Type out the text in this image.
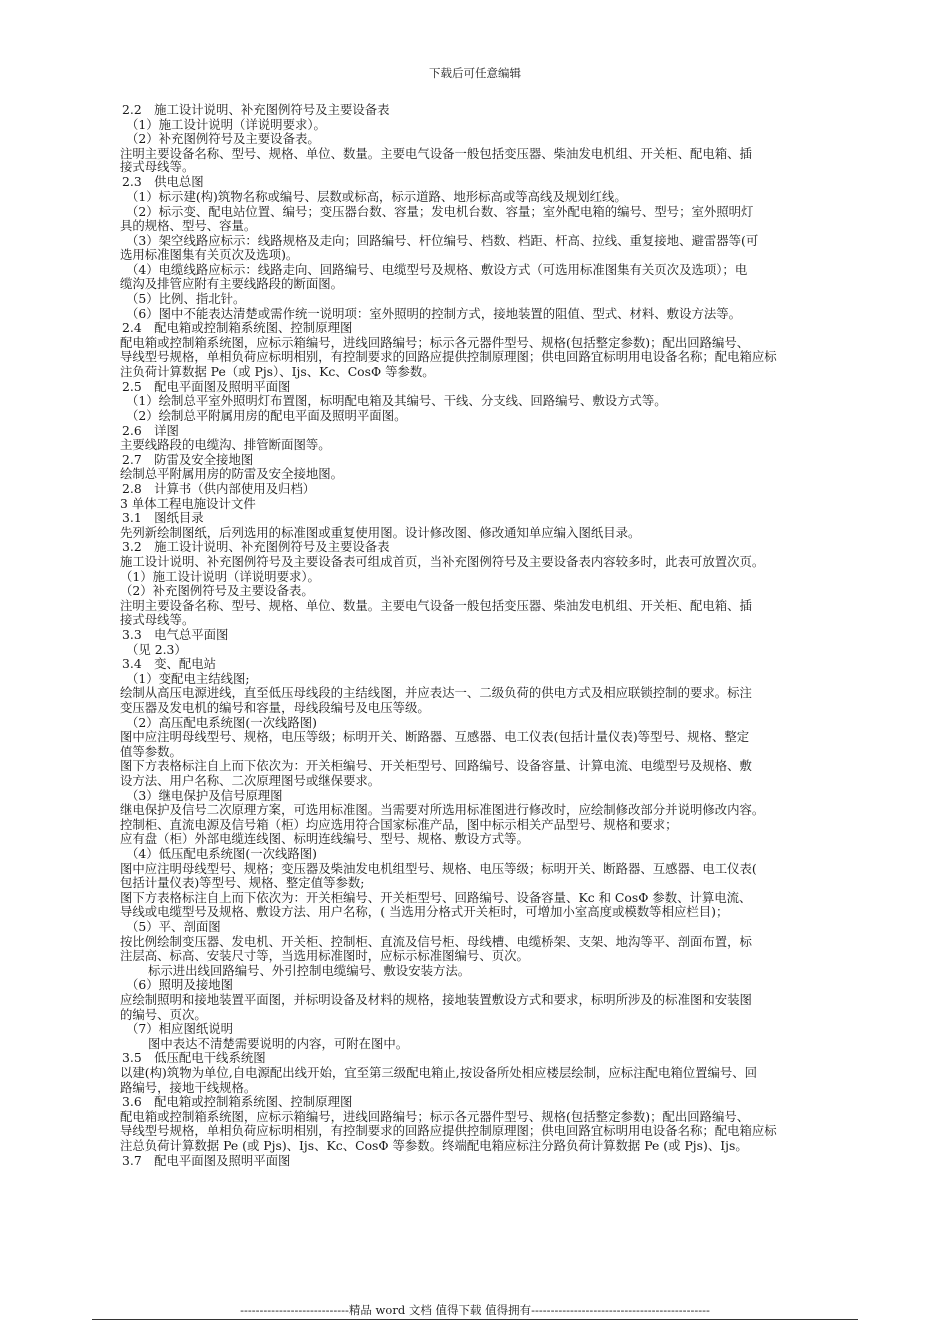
下载后可任意编辑
2.2　施工设计说明、补充图例符号及主要设备表
（1）施工设计说明（详说明要求）。
（2）补充图例符号及主要设备表。
注明主要设备名称、型号、规格、单位、数量。主要电气设备一般包括变压器、柴油发电机组、开关柜、配电箱、插
接式母线等。
2.3　供电总图
（1）标示建(构)筑物名称或编号、层数或标高，标示道路、地形标高或等高线及规划红线。
（2）标示变、配电站位置、编号；变压器台数、容量；发电机台数、容量；室外配电箱的编号、型号；室外照明灯
具的规格、型号、容量。
（3）架空线路应标示：线路规格及走向；回路编号、杆位编号、档数、档距、杆高、拉线、重复接地、避雷器等(可
选用标准图集有关页次及选项)。
（4）电缆线路应标示：线路走向、回路编号、电缆型号及规格、敷设方式（可选用标准图集有关页次及选项）；电
缆沟及排管应附有主要线路段的断面图。
（5）比例、指北针。
（6）图中不能表达清楚或需作统一说明项：室外照明的控制方式，接地装置的阻值、型式、材料、敷设方法等。
2.4　配电箱或控制箱系统图、控制原理图
配电箱或控制箱系统图，应标示箱编号，进线回路编号；标示各元器件型号、规格(包括整定参数)；配出回路编号、
导线型号规格，单相负荷应标明相别，有控制要求的回路应提供控制原理图；供电回路宜标明用电设备名称；配电箱应标
注负荷计算数据 Pe（或 Pjs）、Ijs、Kc、CosΦ 等参数。
2.5　配电平面图及照明平面图
（1）绘制总平室外照明灯布置图，标明配电箱及其编号、干线、分支线、回路编号、敷设方式等。
（2）绘制总平附属用房的配电平面及照明平面图。
2.6　详图
主要线路段的电缆沟、排管断面图等。
2.7　防雷及安全接地图
绘制总平附属用房的防雷及安全接地图。
2.8　计算书（供内部使用及归档）
3 单体工程电施设计文件
3.1　图纸目录
先列新绘制图纸，后列选用的标准图或重复使用图。设计修改图、修改通知单应编入图纸目录。
3.2　施工设计说明、补充图例符号及主要设备表
施工设计说明、补充图例符号及主要设备表可组成首页，当补充图例符号及主要设备表内容较多时，此表可放置次页。
（1）施工设计说明（详说明要求）。
（2）补充图例符号及主要设备表。
注明主要设备名称、型号、规格、单位、数量。主要电气设备一般包括变压器、柴油发电机组、开关柜、配电箱、插
接式母线等。
3.3　电气总平面图
（见 2.3）
3.4　变、配电站
（1）变配电主结线图;
绘制从高压电源进线，直至低压母线段的主结线图，并应表达一、二级负荷的供电方式及相应联锁控制的要求。标注
变压器及发电机的编号和容量，母线段编号及电压等级。
（2）高压配电系统图(一次线路图)
图中应注明母线型号、规格，电压等级；标明开关、断路器、互感器、电工仪表(包括计量仪表)等型号、规格、整定
值等参数。
图下方表格标注自上而下依次为：开关柜编号、开关柜型号、回路编号、设备容量、计算电流、电缆型号及规格、敷
设方法、用户名称、二次原理图号或继保要求。
（3）继电保护及信号原理图
继电保护及信号二次原理方案，可选用标准图。当需要对所选用标准图进行修改时，应绘制修改部分并说明修改内容。
控制柜、直流电源及信号箱（柜）均应选用符合国家标准产品，图中标示相关产品型号、规格和要求；
应有盘（柜）外部电缆连线图、标明连线编号、型号、规格、敷设方式等。
（4）低压配电系统图(一次线路图)
图中应注明母线型号、规格；变压器及柴油发电机组型号、规格、电压等级；标明开关、断路器、互感器、电工仪表(
包括计量仪表)等型号、规格、整定值等参数;
图下方表格标注自上而下依次为：开关柜编号、开关柜型号、回路编号、设备容量、Kc 和 CosΦ 参数、计算电流、
导线或电缆型号及规格、敷设方法、用户名称，( 当选用分格式开关柜时，可增加小室高度或模数等相应栏目)；
（5）平、剖面图
按比例绘制变压器、发电机、开关柜、控制柜、直流及信号柜、母线槽、电缆桥架、支架、地沟等平、剖面布置，标
注层高、标高、安装尺寸等，当选用标准图时，应标示标准图编号、页次。
标示进出线回路编号、外引控制电缆编号、敷设安装方法。
（6）照明及接地图
应绘制照明和接地装置平面图，并标明设备及材料的规格，接地装置敷设方式和要求，标明所涉及的标准图和安装图
的编号、页次。
（7）相应图纸说明
图中表达不清楚需要说明的内容，可附在图中。
3.5　低压配电干线系统图
以建(构)筑物为单位,自电源配出线开始，宜至第三级配电箱止,按设备所处相应楼层绘制，应标注配电箱位置编号、回
路编号，接地干线规格。
3.6　配电箱或控制箱系统图、控制原理图
配电箱或控制箱系统图，应标示箱编号，进线回路编号；标示各元器件型号、规格(包括整定参数)；配出回路编号、
导线型号规格，单相负荷应标明相别，有控制要求的回路应提供控制原理图；供电回路宜标明用电设备名称；配电箱应标
注总负荷计算数据 Pe (或 Pjs)、Ijs、Kc、CosΦ 等参数。终端配电箱应标注分路负荷计算数据 Pe (或 Pjs)、Ijs。
3.7　配电平面图及照明平面图
----------------------------精品 word 文档 值得下载 值得拥有----------------------------------------------
